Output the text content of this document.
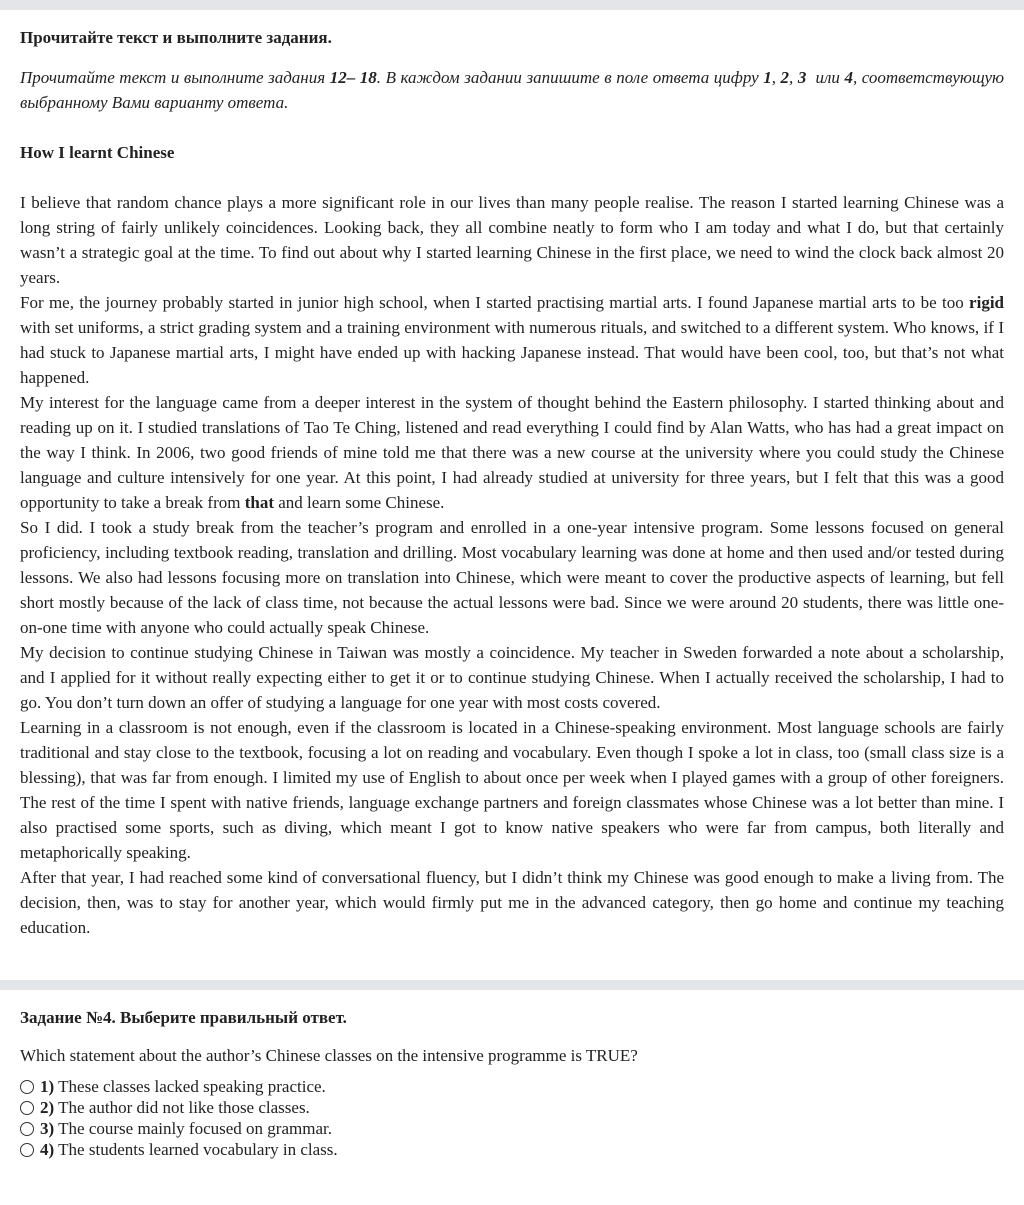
Прочитайте текст и выполните задания.

Прочитайте текст и выполните задания 12– 18. В каждом задании запишите в поле ответа цифру 1, 2, 3 или 4, соответствующую выбранному Вами варианту ответа.

How I learnt Chinese

I believe that random chance plays a more significant role in our lives than many people realise. The reason I started learning Chinese was a long string of fairly unlikely coincidences. Looking back, they all combine neatly to form who I am today and what I do, but that certainly wasn’t a strategic goal at the time. To find out about why I started learning Chinese in the first place, we need to wind the clock back almost 20 years.

For me, the journey probably started in junior high school, when I started practising martial arts. I found Japanese martial arts to be too rigid with set uniforms, a strict grading system and a training environment with numerous rituals, and switched to a different system. Who knows, if I had stuck to Japanese martial arts, I might have ended up with hacking Japanese instead. That would have been cool, too, but that’s not what happened.

My interest for the language came from a deeper interest in the system of thought behind the Eastern philosophy. I started thinking about and reading up on it. I studied translations of Tao Te Ching, listened and read everything I could find by Alan Watts, who has had a great impact on the way I think. In 2006, two good friends of mine told me that there was a new course at the university where you could study the Chinese language and culture intensively for one year. At this point, I had already studied at university for three years, but I felt that this was a good opportunity to take a break from that and learn some Chinese.

So I did. I took a study break from the teacher’s program and enrolled in a one-year intensive program. Some lessons focused on general proficiency, including textbook reading, translation and drilling. Most vocabulary learning was done at home and then used and/or tested during lessons. We also had lessons focusing more on translation into Chinese, which were meant to cover the productive aspects of learning, but fell short mostly because of the lack of class time, not because the actual lessons were bad. Since we were around 20 students, there was little one-on-one time with anyone who could actually speak Chinese.

My decision to continue studying Chinese in Taiwan was mostly a coincidence. My teacher in Sweden forwarded a note about a scholarship, and I applied for it without really expecting either to get it or to continue studying Chinese. When I actually received the scholarship, I had to go. You don’t turn down an offer of studying a language for one year with most costs covered.

Learning in a classroom is not enough, even if the classroom is located in a Chinese-speaking environment. Most language schools are fairly traditional and stay close to the textbook, focusing a lot on reading and vocabulary. Even though I spoke a lot in class, too (small class size is a blessing), that was far from enough. I limited my use of English to about once per week when I played games with a group of other foreigners. The rest of the time I spent with native friends, language exchange partners and foreign classmates whose Chinese was a lot better than mine. I also practised some sports, such as diving, which meant I got to know native speakers who were far from campus, both literally and metaphorically speaking.

After that year, I had reached some kind of conversational fluency, but I didn’t think my Chinese was good enough to make a living from. The decision, then, was to stay for another year, which would firmly put me in the advanced category, then go home and continue my teaching education.

Задание №4. Выберите правильный ответ.

Which statement about the author’s Chinese classes on the intensive programme is TRUE?

1) These classes lacked speaking practice.
2) The author did not like those classes.
3) The course mainly focused on grammar.
4) The students learned vocabulary in class.
